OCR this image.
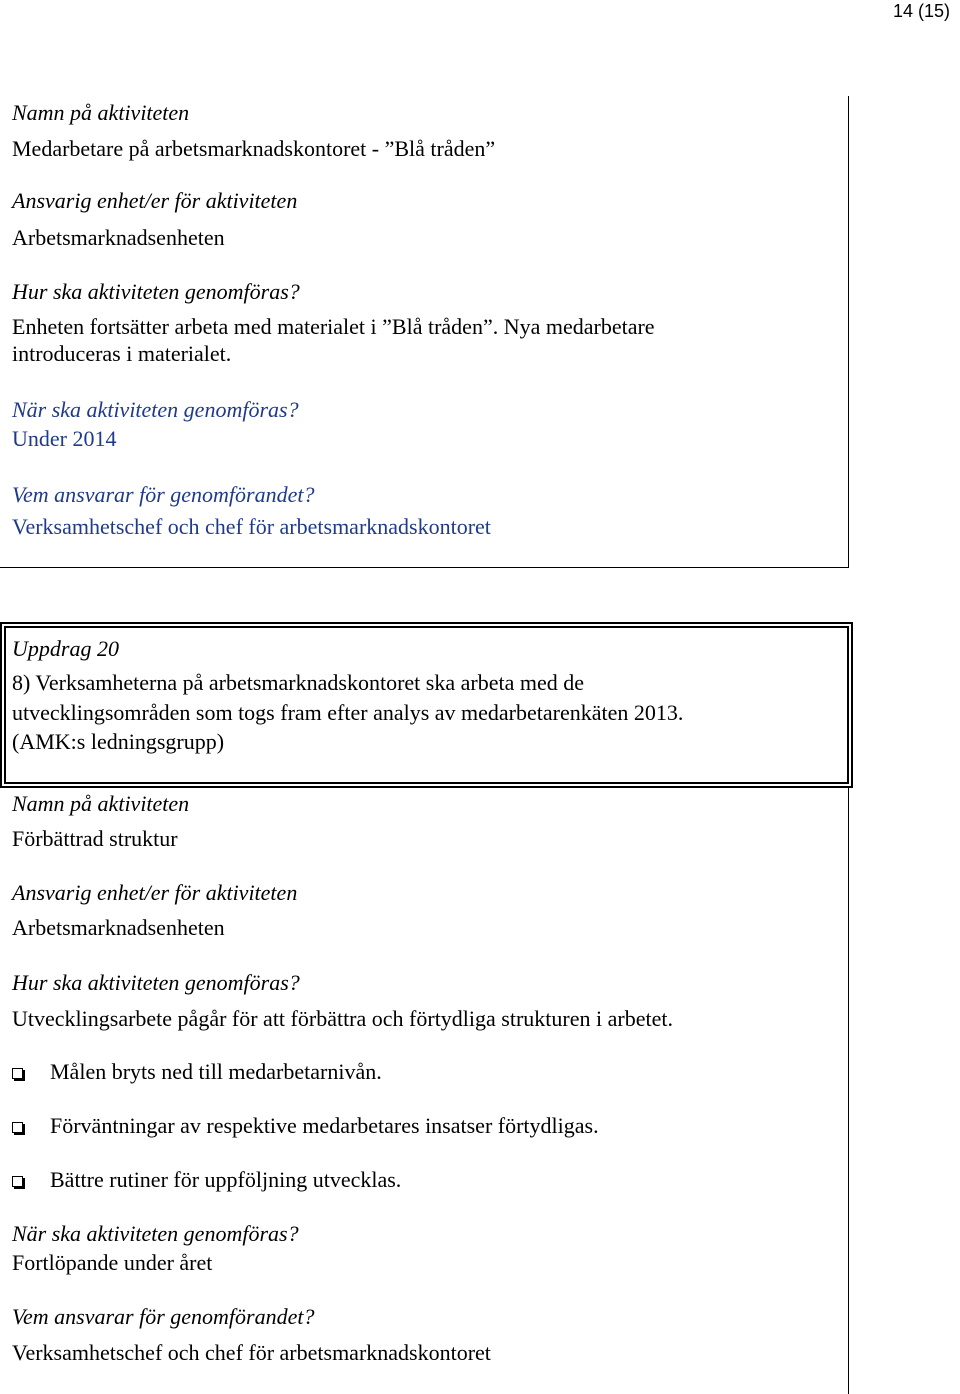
14 (15)
Namn på aktiviteten
Medarbetare på arbetsmarknadskontoret - ”Blå tråden”
Ansvarig enhet/er för aktiviteten
Arbetsmarknadsenheten
Hur ska aktiviteten genomföras?
Enheten fortsätter arbeta med materialet i ”Blå tråden”. Nya medarbetare
introduceras i materialet.
När ska aktiviteten genomföras?
Under 2014
Vem ansvarar för genomförandet?
Verksamhetschef och chef för arbetsmarknadskontoret
Uppdrag 20
8) Verksamheterna på arbetsmarknadskontoret ska arbeta med de
utvecklingsområden som togs fram efter analys av medarbetarenkäten 2013.
(AMK:s ledningsgrupp)
Namn på aktiviteten
Förbättrad struktur
Ansvarig enhet/er för aktiviteten
Arbetsmarknadsenheten
Hur ska aktiviteten genomföras?
Utvecklingsarbete pågår för att förbättra och förtydliga strukturen i arbetet.
Målen bryts ned till medarbetarnivån.
Förväntningar av respektive medarbetares insatser förtydligas.
Bättre rutiner för uppföljning utvecklas.
När ska aktiviteten genomföras?
Fortlöpande under året
Vem ansvarar för genomförandet?
Verksamhetschef och chef för arbetsmarknadskontoret
